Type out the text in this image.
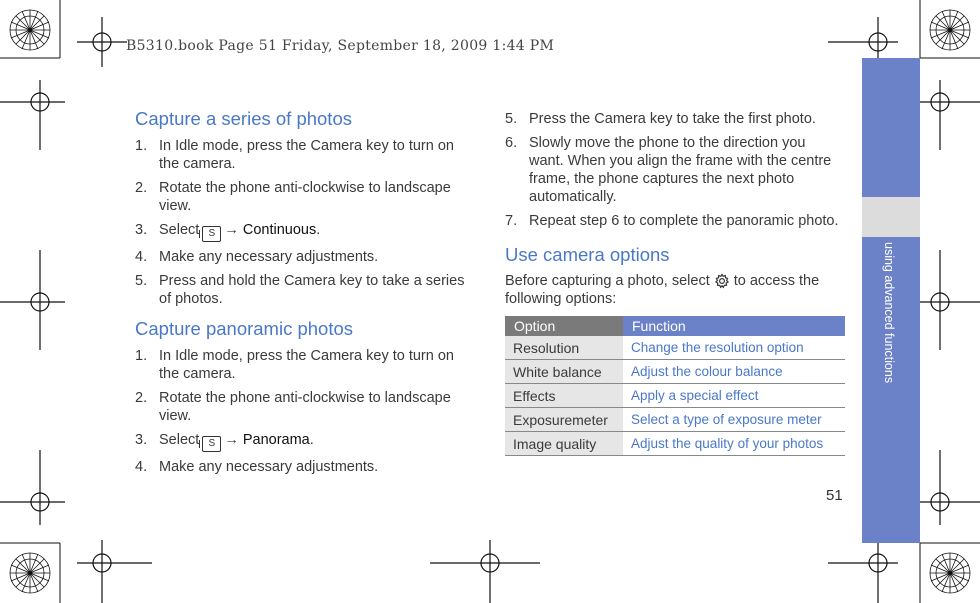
B5310.book Page 51 Friday, September 18, 2009 1:44 PM
using advanced functions
51
Capture a series of photos
1. In Idle mode, press the Camera key to turn on the camera.
2. Rotate the phone anti-clockwise to landscape view.
3. Select S → Continuous.
4. Make any necessary adjustments.
5. Press and hold the Camera key to take a series of photos.
Capture panoramic photos
1. In Idle mode, press the Camera key to turn on the camera.
2. Rotate the phone anti-clockwise to landscape view.
3. Select S → Panorama.
4. Make any necessary adjustments.
5. Press the Camera key to take the first photo.
6. Slowly move the phone to the direction you want. When you align the frame with the centre frame, the phone captures the next photo automatically.
7. Repeat step 6 to complete the panoramic photo.
Use camera options
Before capturing a photo, select to access the following options:
Option	Function
Resolution	Change the resolution option
White balance	Adjust the colour balance
Effects	Apply a special effect
Exposuremeter	Select a type of exposure meter
Image quality	Adjust the quality of your photos
